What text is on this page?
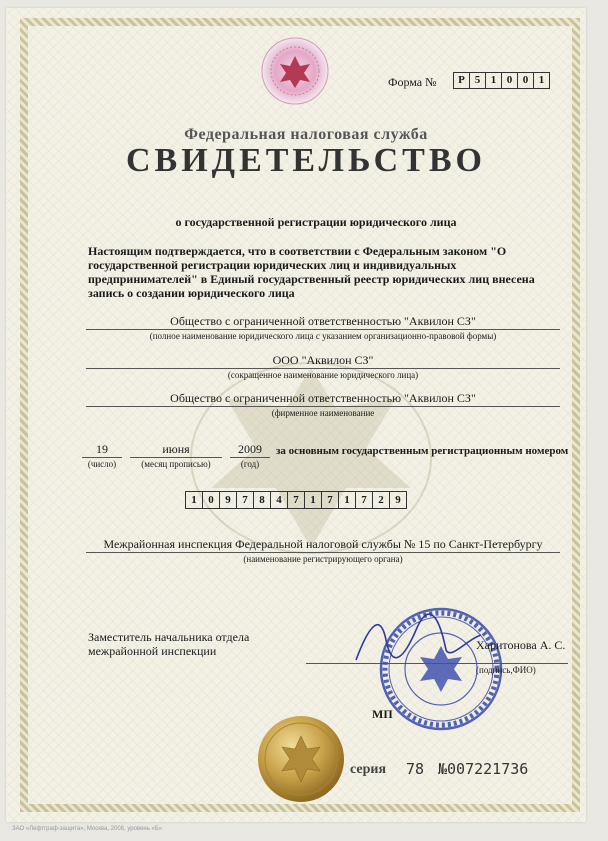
Форма №	Р 5 1 0 0 1
Федеральная налоговая служба
СВИДЕТЕЛЬСТВО
о государственной регистрации юридического лица
Настоящим подтверждается, что в соответствии с Федеральным законом "О государственной регистрации юридических лиц и индивидуальных предпринимателей" в Единый государственный реестр юридических лиц внесена запись о создании юридического лица
Общество с ограниченной ответственностью "Аквилон СЗ"
(полное наименование юридического лица с указанием организационно-правовой формы)
ООО "Аквилон СЗ"
(сокращенное наименование юридического лица)
Общество с ограниченной ответственностью "Аквилон СЗ"
(фирменное наименование
19
(число)
июня
(месяц прописью)
2009
(год)
за основным государственным регистрационным номером
1	0	9	7	8	4	7	1	7	1	7	2	9
Межрайонная инспекция Федеральной налоговой службы № 15 по Санкт-Петербургу
(наименование регистрирующего органа)
Заместитель начальника отдела межрайонной инспекции	Харитонова А. С.
(подпись,ФИО)
МП
серия 78 №007221736
ЗАО «Лефтграф-защита», Москва, 2008, уровень «Б»
